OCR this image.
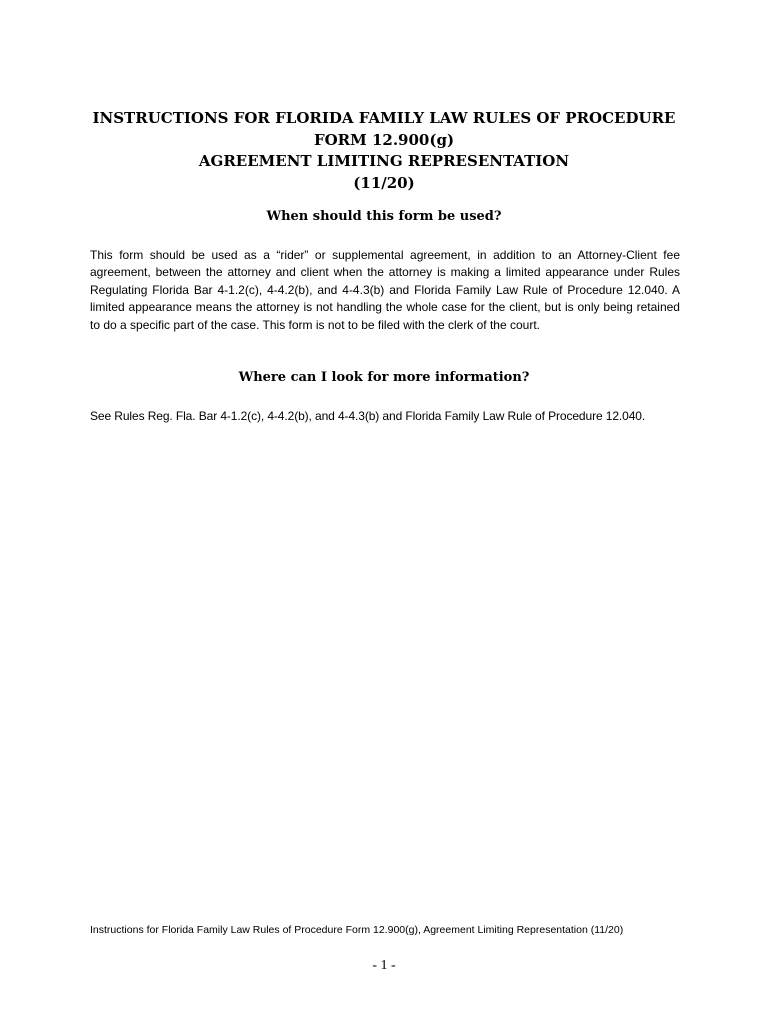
INSTRUCTIONS FOR FLORIDA FAMILY LAW RULES OF PROCEDURE
FORM 12.900(g)
AGREEMENT LIMITING REPRESENTATION
(11/20)
When should this form be used?
This form should be used as a “rider” or supplemental agreement, in addition to an Attorney-Client fee agreement, between the attorney and client when the attorney is making a limited appearance under Rules Regulating Florida Bar 4-1.2(c), 4-4.2(b), and 4-4.3(b) and Florida Family Law Rule of Procedure 12.040. A limited appearance means the attorney is not handling the whole case for the client, but is only being retained to do a specific part of the case. This form is not to be filed with the clerk of the court.
Where can I look for more information?
See Rules Reg. Fla. Bar 4-1.2(c), 4-4.2(b), and 4-4.3(b) and Florida Family Law Rule of Procedure 12.040.
Instructions for Florida Family Law Rules of Procedure Form 12.900(g), Agreement Limiting Representation (11/20)
- 1 -
